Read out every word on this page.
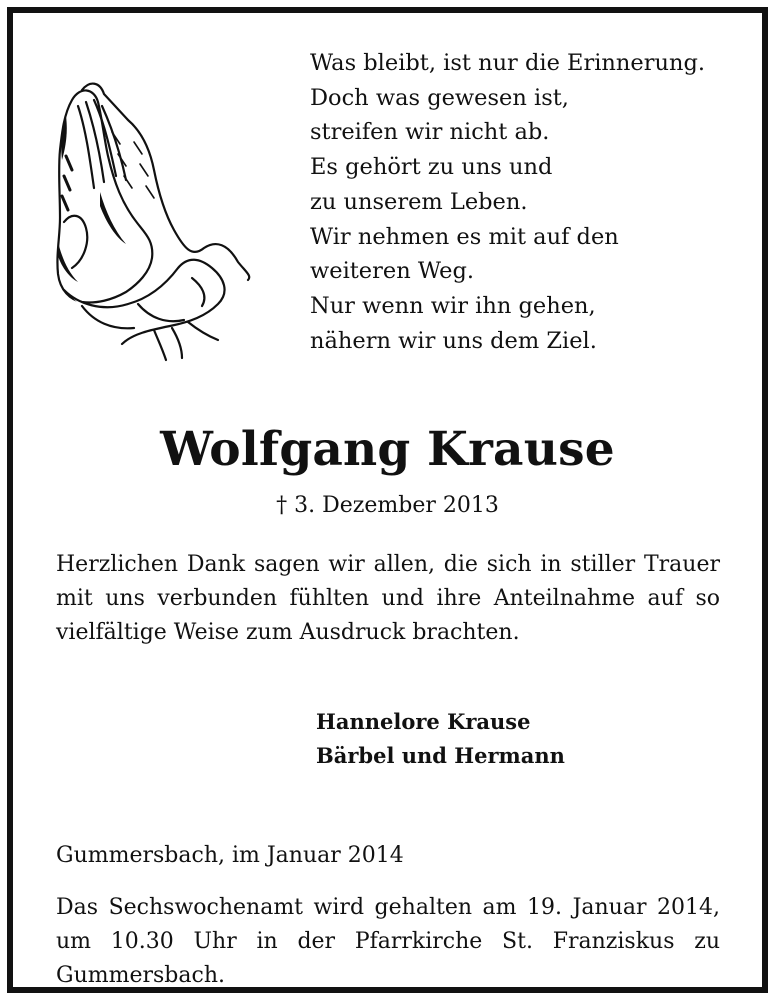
Was bleibt, ist nur die Erinnerung.
Doch was gewesen ist,
streifen wir nicht ab.
Es gehört zu uns und
zu unserem Leben.
Wir nehmen es mit auf den
weiteren Weg.
Nur wenn wir ihn gehen,
nähern wir uns dem Ziel.
Wolfgang Krause
† 3. Dezember 2013
Herzlichen Dank sagen wir allen, die sich in stiller Trauer mit uns verbunden fühlten und ihre Anteilnahme auf so vielfältige Weise zum Ausdruck brachten.
Hannelore Krause
Bärbel und Hermann
Gummersbach, im Januar 2014
Das Sechswochenamt wird gehalten am 19. Januar 2014, um 10.30 Uhr in der Pfarrkirche St. Franziskus zu Gummersbach.
